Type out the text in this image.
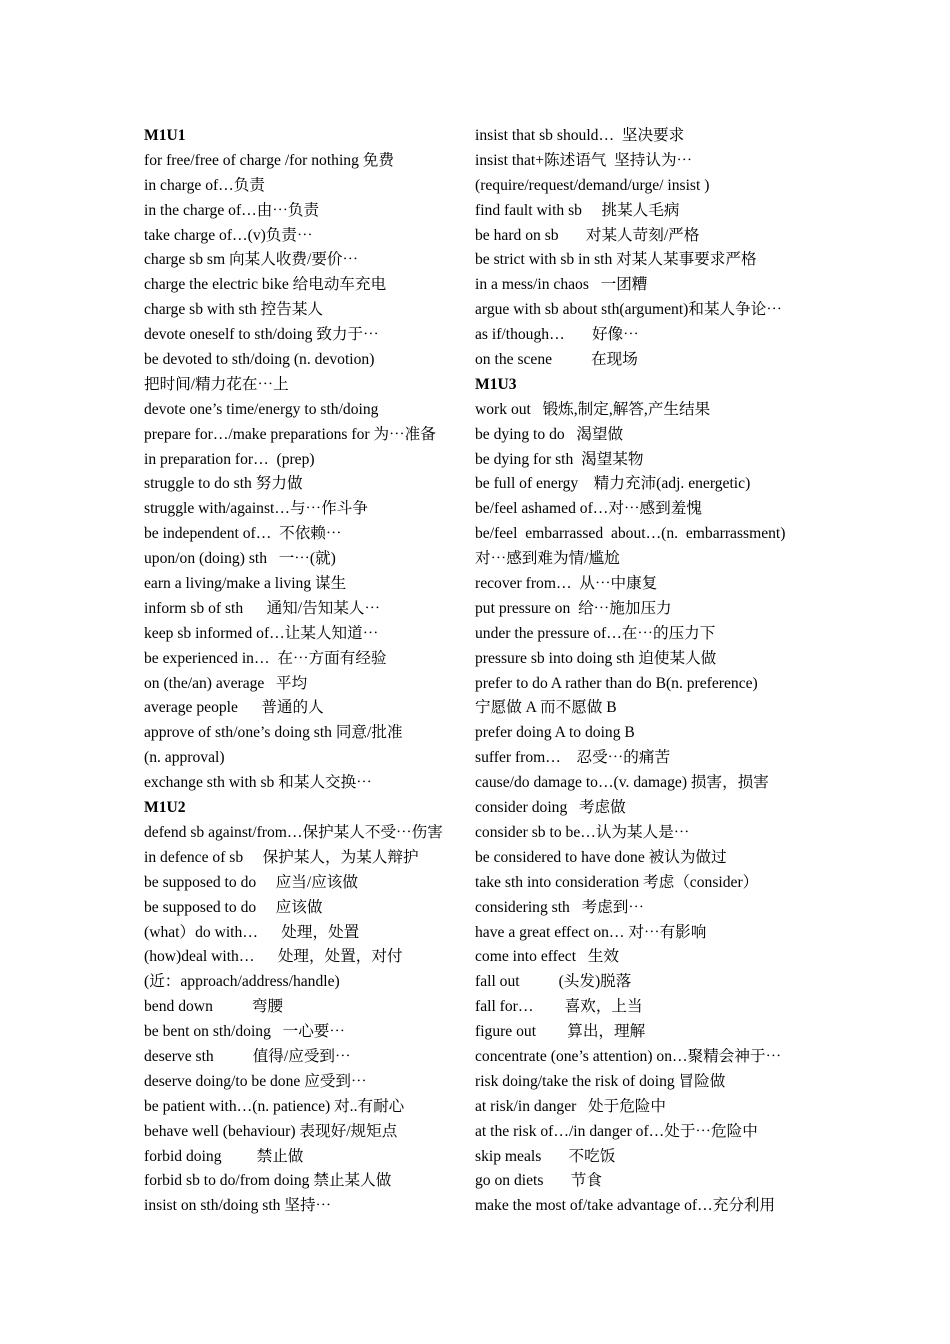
M1U1
for free/free of charge /for nothing 免费
in charge of…负责
in the charge of…由⋯负责
take charge of…(v)负责⋯
charge sb sm 向某人收费/要价⋯
charge the electric bike 给电动车充电
charge sb with sth 控告某人
devote oneself to sth/doing 致力于⋯
be devoted to sth/doing (n. devotion)
把时间/精力花在⋯上
devote one’s time/energy to sth/doing
prepare for…/make preparations for 为⋯准备
in preparation for…  (prep)
struggle to do sth 努力做
struggle with/against…与⋯作斗争
be independent of…  不依赖⋯
upon/on (doing) sth   一⋯(就)
earn a living/make a living 谋生
inform sb of sth      通知/告知某人⋯
keep sb informed of…让某人知道⋯
be experienced in…  在⋯方面有经验
on (the/an) average   平均
average people      普通的人
approve of sth/one’s doing sth 同意/批准
(n. approval)
exchange sth with sb 和某人交换⋯
M1U2
defend sb against/from…保护某人不受⋯伤害
in defence of sb     保护某人，为某人辩护
be supposed to do     应当/应该做
be supposed to do     应该做
(what）do with…      处理，处置
(how)deal with…      处理，处置，对付
(近：approach/address/handle)
bend down          弯腰
be bent on sth/doing   一心要⋯
deserve sth          值得/应受到⋯
deserve doing/to be done 应受到⋯
be patient with…(n. patience) 对..有耐心
behave well (behaviour) 表现好/规矩点
forbid doing         禁止做
forbid sb to do/from doing 禁止某人做
insist on sth/doing sth 坚持⋯
insist that sb should…  坚决要求
insist that+陈述语气  坚持认为⋯
(require/request/demand/urge/ insist )
find fault with sb     挑某人毛病
be hard on sb       对某人苛刻/严格
be strict with sb in sth 对某人某事要求严格
in a mess/in chaos   一团糟
argue with sb about sth(argument)和某人争论⋯
as if/though…       好像⋯
on the scene          在现场
M1U3
work out   锻炼,制定,解答,产生结果
be dying to do   渴望做
be dying for sth  渴望某物
be full of energy    精力充沛(adj. energetic)
be/feel ashamed of…对⋯感到羞愧
be/feel  embarrassed  about…(n.  embarrassment)
对⋯感到难为情/尴尬
recover from…  从⋯中康复
put pressure on  给⋯施加压力
under the pressure of…在⋯的压力下
pressure sb into doing sth 迫使某人做
prefer to do A rather than do B(n. preference)
宁愿做 A 而不愿做 B
prefer doing A to doing B
suffer from…    忍受⋯的痛苦
cause/do damage to…(v. damage) 损害，损害
consider doing   考虑做
consider sb to be…认为某人是⋯
be considered to have done 被认为做过
take sth into consideration 考虑（consider）
considering sth   考虑到⋯
have a great effect on… 对⋯有影响
come into effect   生效
fall out          (头发)脱落
fall for…        喜欢，上当
figure out        算出，理解
concentrate (one’s attention) on…聚精会神于⋯
risk doing/take the risk of doing 冒险做
at risk/in danger   处于危险中
at the risk of…/in danger of…处于⋯危险中
skip meals       不吃饭
go on diets       节食
make the most of/take advantage of…充分利用
